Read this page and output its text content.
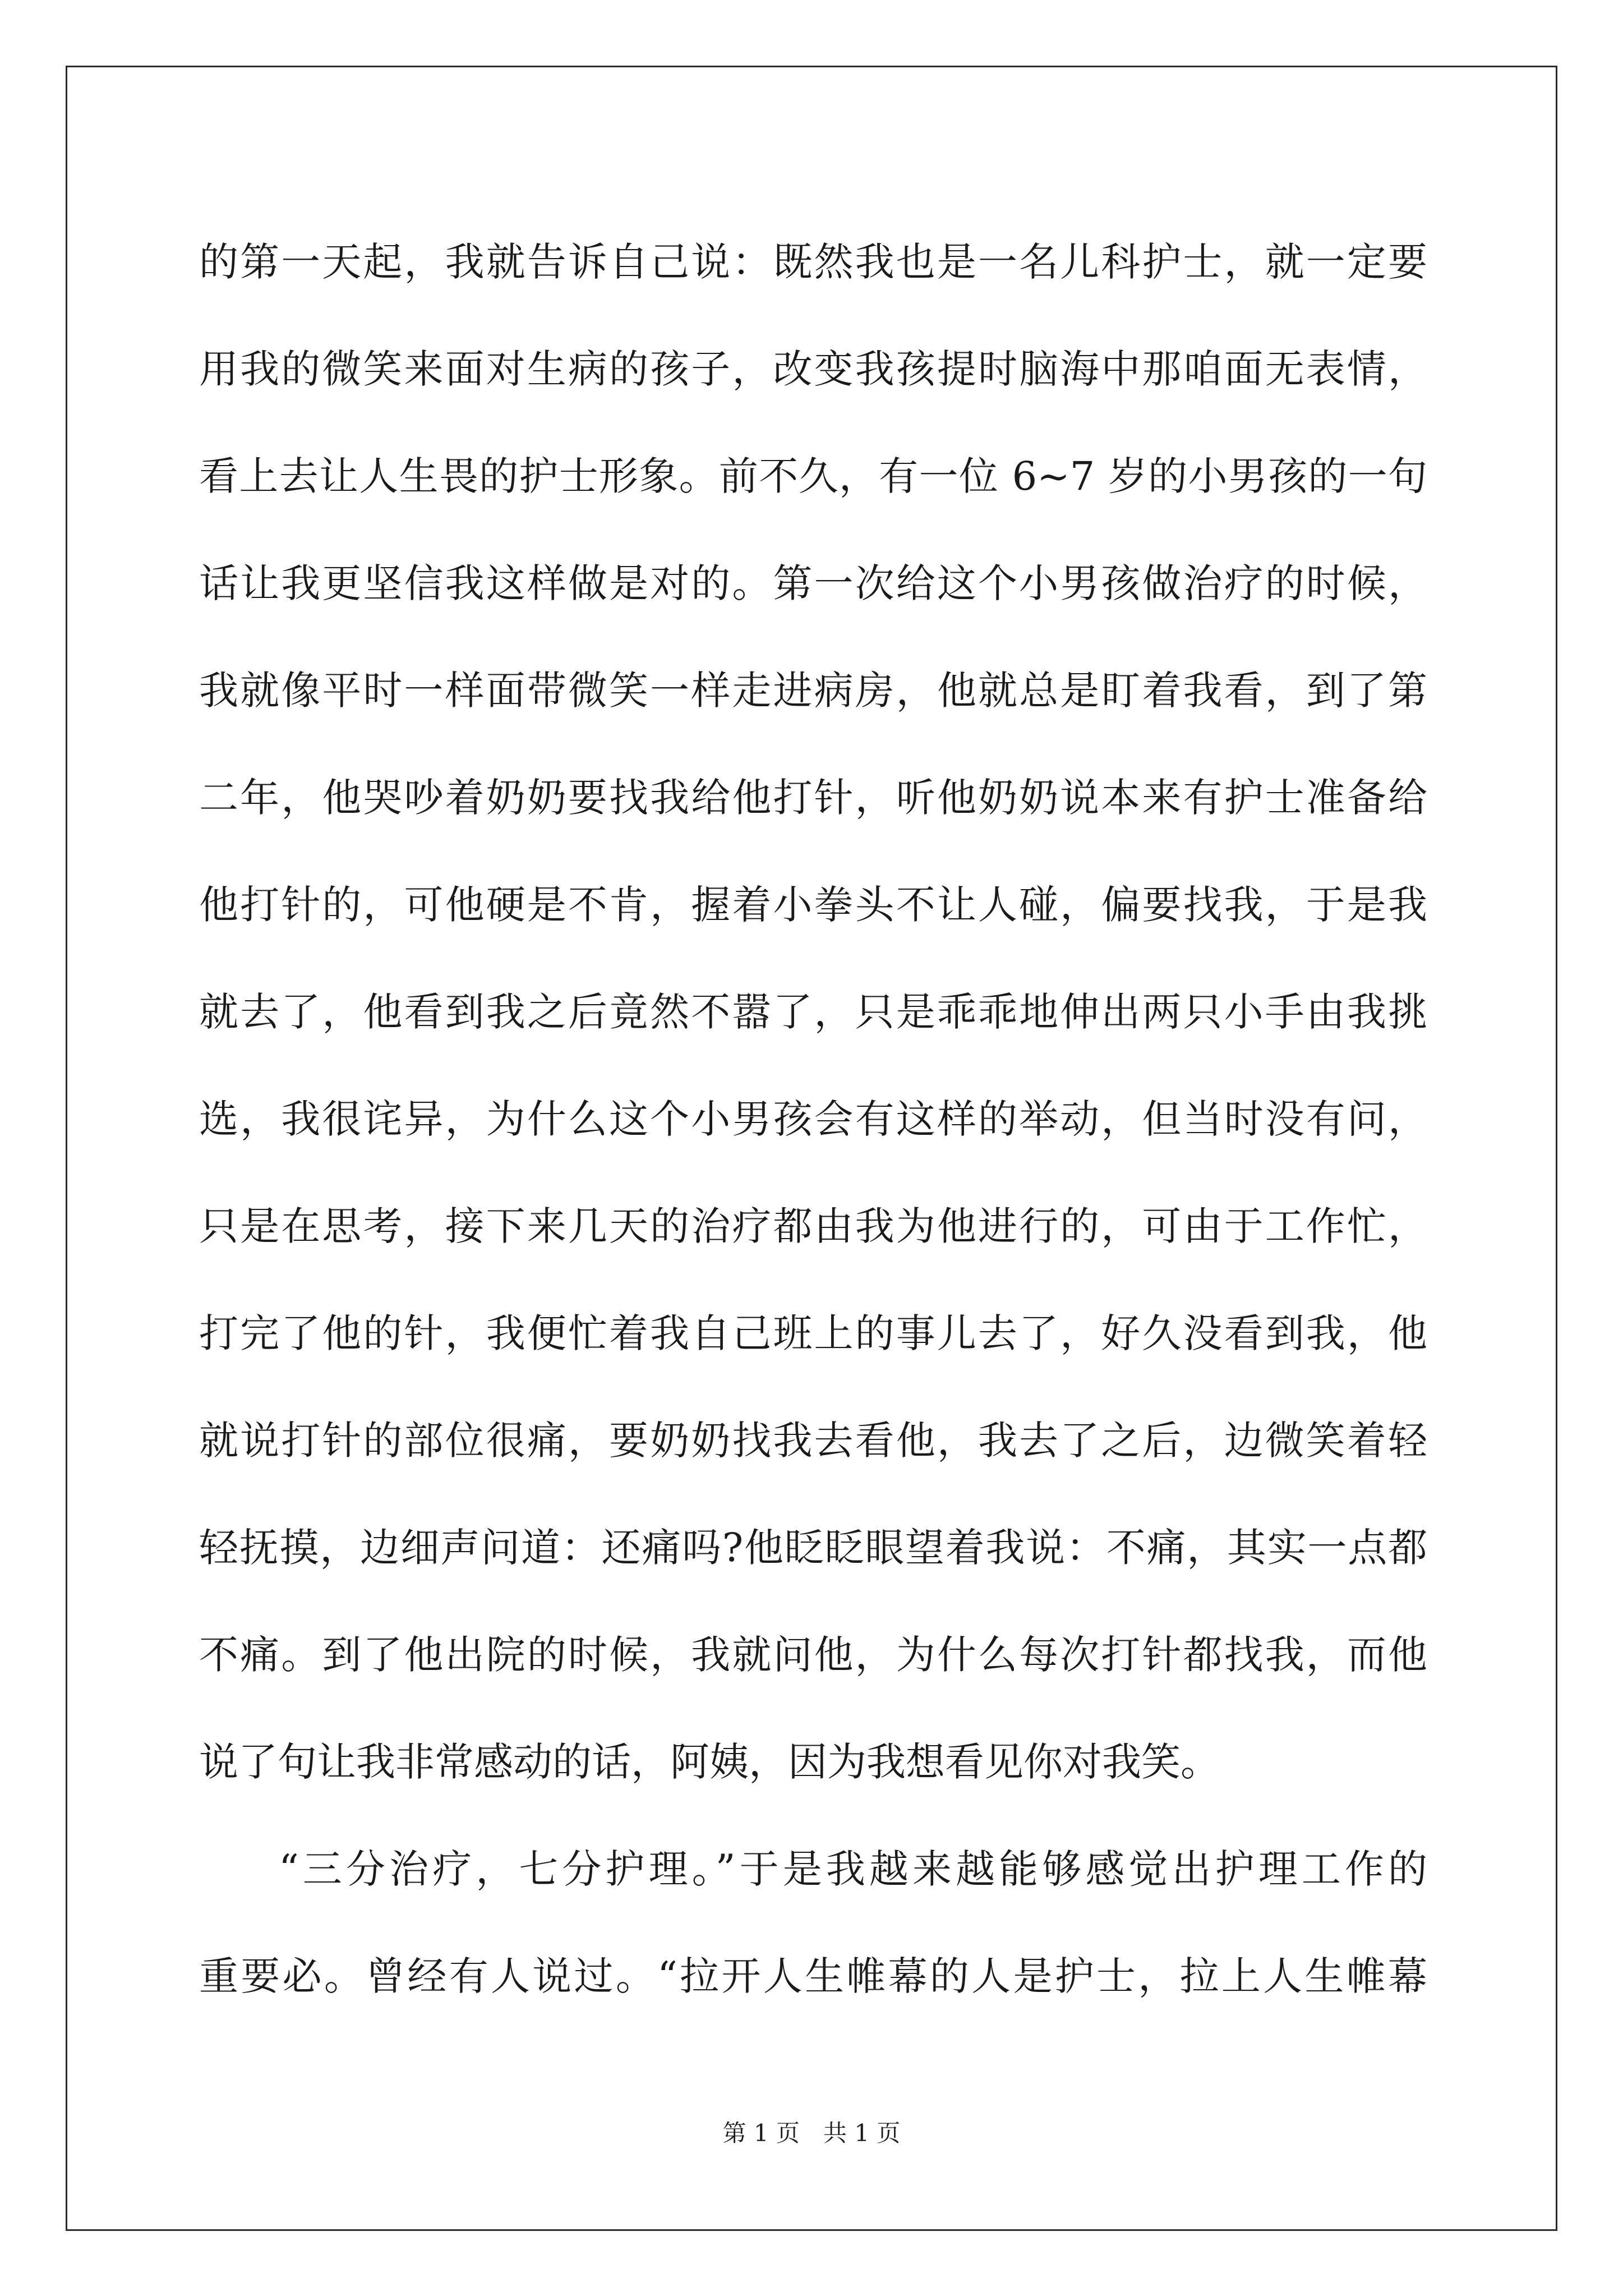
的第一天起，我就告诉自己说：既然我也是一名儿科护士，就一定要
用我的微笑来面对生病的孩子，改变我孩提时脑海中那咱面无表情，
看上去让人生畏的护士形象。前不久，有一位 6~7 岁的小男孩的一句
话让我更坚信我这样做是对的。第一次给这个小男孩做治疗的时候，
我就像平时一样面带微笑一样走进病房，他就总是盯着我看，到了第
二年，他哭吵着奶奶要找我给他打针，听他奶奶说本来有护士准备给
他打针的，可他硬是不肯，握着小拳头不让人碰，偏要找我，于是我
就去了，他看到我之后竟然不嚣了，只是乖乖地伸出两只小手由我挑
选，我很诧异，为什么这个小男孩会有这样的举动，但当时没有问，
只是在思考，接下来几天的治疗都由我为他进行的，可由于工作忙，
打完了他的针，我便忙着我自己班上的事儿去了，好久没看到我，他
就说打针的部位很痛，要奶奶找我去看他，我去了之后，边微笑着轻
轻抚摸，边细声问道：还痛吗?他眨眨眼望着我说：不痛，其实一点都
不痛。到了他出院的时候，我就问他，为什么每次打针都找我，而他
说了句让我非常感动的话，阿姨，因为我想看见你对我笑。
“三分治疗，七分护理。”于是我越来越能够感觉出护理工作的
重要必。曾经有人说过。“拉开人生帷幕的人是护士，拉上人生帷幕
第 1 页　共 1 页
